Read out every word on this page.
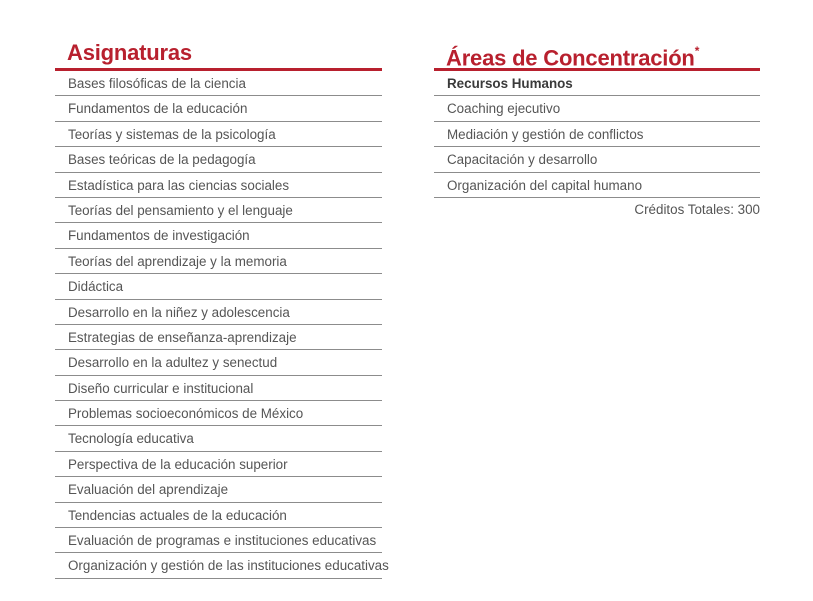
Asignaturas
Bases filosóficas de la ciencia
Fundamentos de la educación
Teorías y sistemas de la psicología
Bases teóricas de la pedagogía
Estadística para las ciencias sociales
Teorías del pensamiento y el lenguaje
Fundamentos de investigación
Teorías del aprendizaje y la memoria
Didáctica
Desarrollo en la niñez y adolescencia
Estrategias de enseñanza-aprendizaje
Desarrollo en la adultez y senectud
Diseño curricular e institucional
Problemas socioeconómicos de México
Tecnología educativa
Perspectiva de la educación superior
Evaluación del aprendizaje
Tendencias actuales de la educación
Evaluación de programas e instituciones educativas
Organización y gestión de las instituciones educativas
Áreas de Concentración*
Recursos Humanos
Coaching ejecutivo
Mediación y gestión de conflictos
Capacitación y desarrollo
Organización del capital humano
Créditos Totales: 300
